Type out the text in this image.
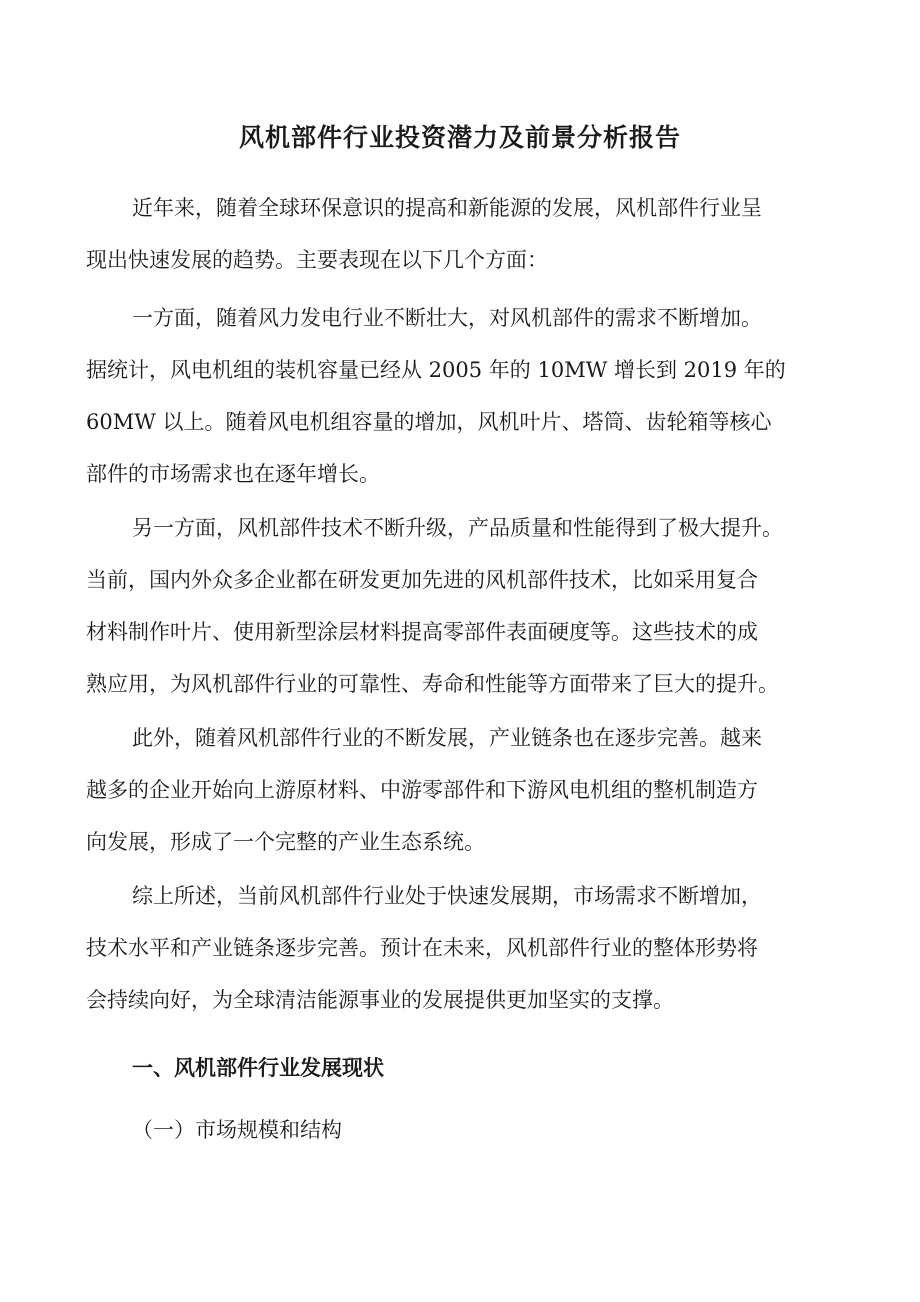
风机部件行业投资潜力及前景分析报告
近年来，随着全球环保意识的提高和新能源的发展，风机部件行业呈
现出快速发展的趋势。主要表现在以下几个方面：
一方面，随着风力发电行业不断壮大，对风机部件的需求不断增加。
据统计，风电机组的装机容量已经从 2005 年的 10MW 增长到 2019 年的
60MW 以上。随着风电机组容量的增加，风机叶片、塔筒、齿轮箱等核心
部件的市场需求也在逐年增长。
另一方面，风机部件技术不断升级，产品质量和性能得到了极大提升。
当前，国内外众多企业都在研发更加先进的风机部件技术，比如采用复合
材料制作叶片、使用新型涂层材料提高零部件表面硬度等。这些技术的成
熟应用，为风机部件行业的可靠性、寿命和性能等方面带来了巨大的提升。
此外，随着风机部件行业的不断发展，产业链条也在逐步完善。越来
越多的企业开始向上游原材料、中游零部件和下游风电机组的整机制造方
向发展，形成了一个完整的产业生态系统。
综上所述，当前风机部件行业处于快速发展期，市场需求不断增加，
技术水平和产业链条逐步完善。预计在未来，风机部件行业的整体形势将
会持续向好，为全球清洁能源事业的发展提供更加坚实的支撑。
一、风机部件行业发展现状
（一）市场规模和结构
